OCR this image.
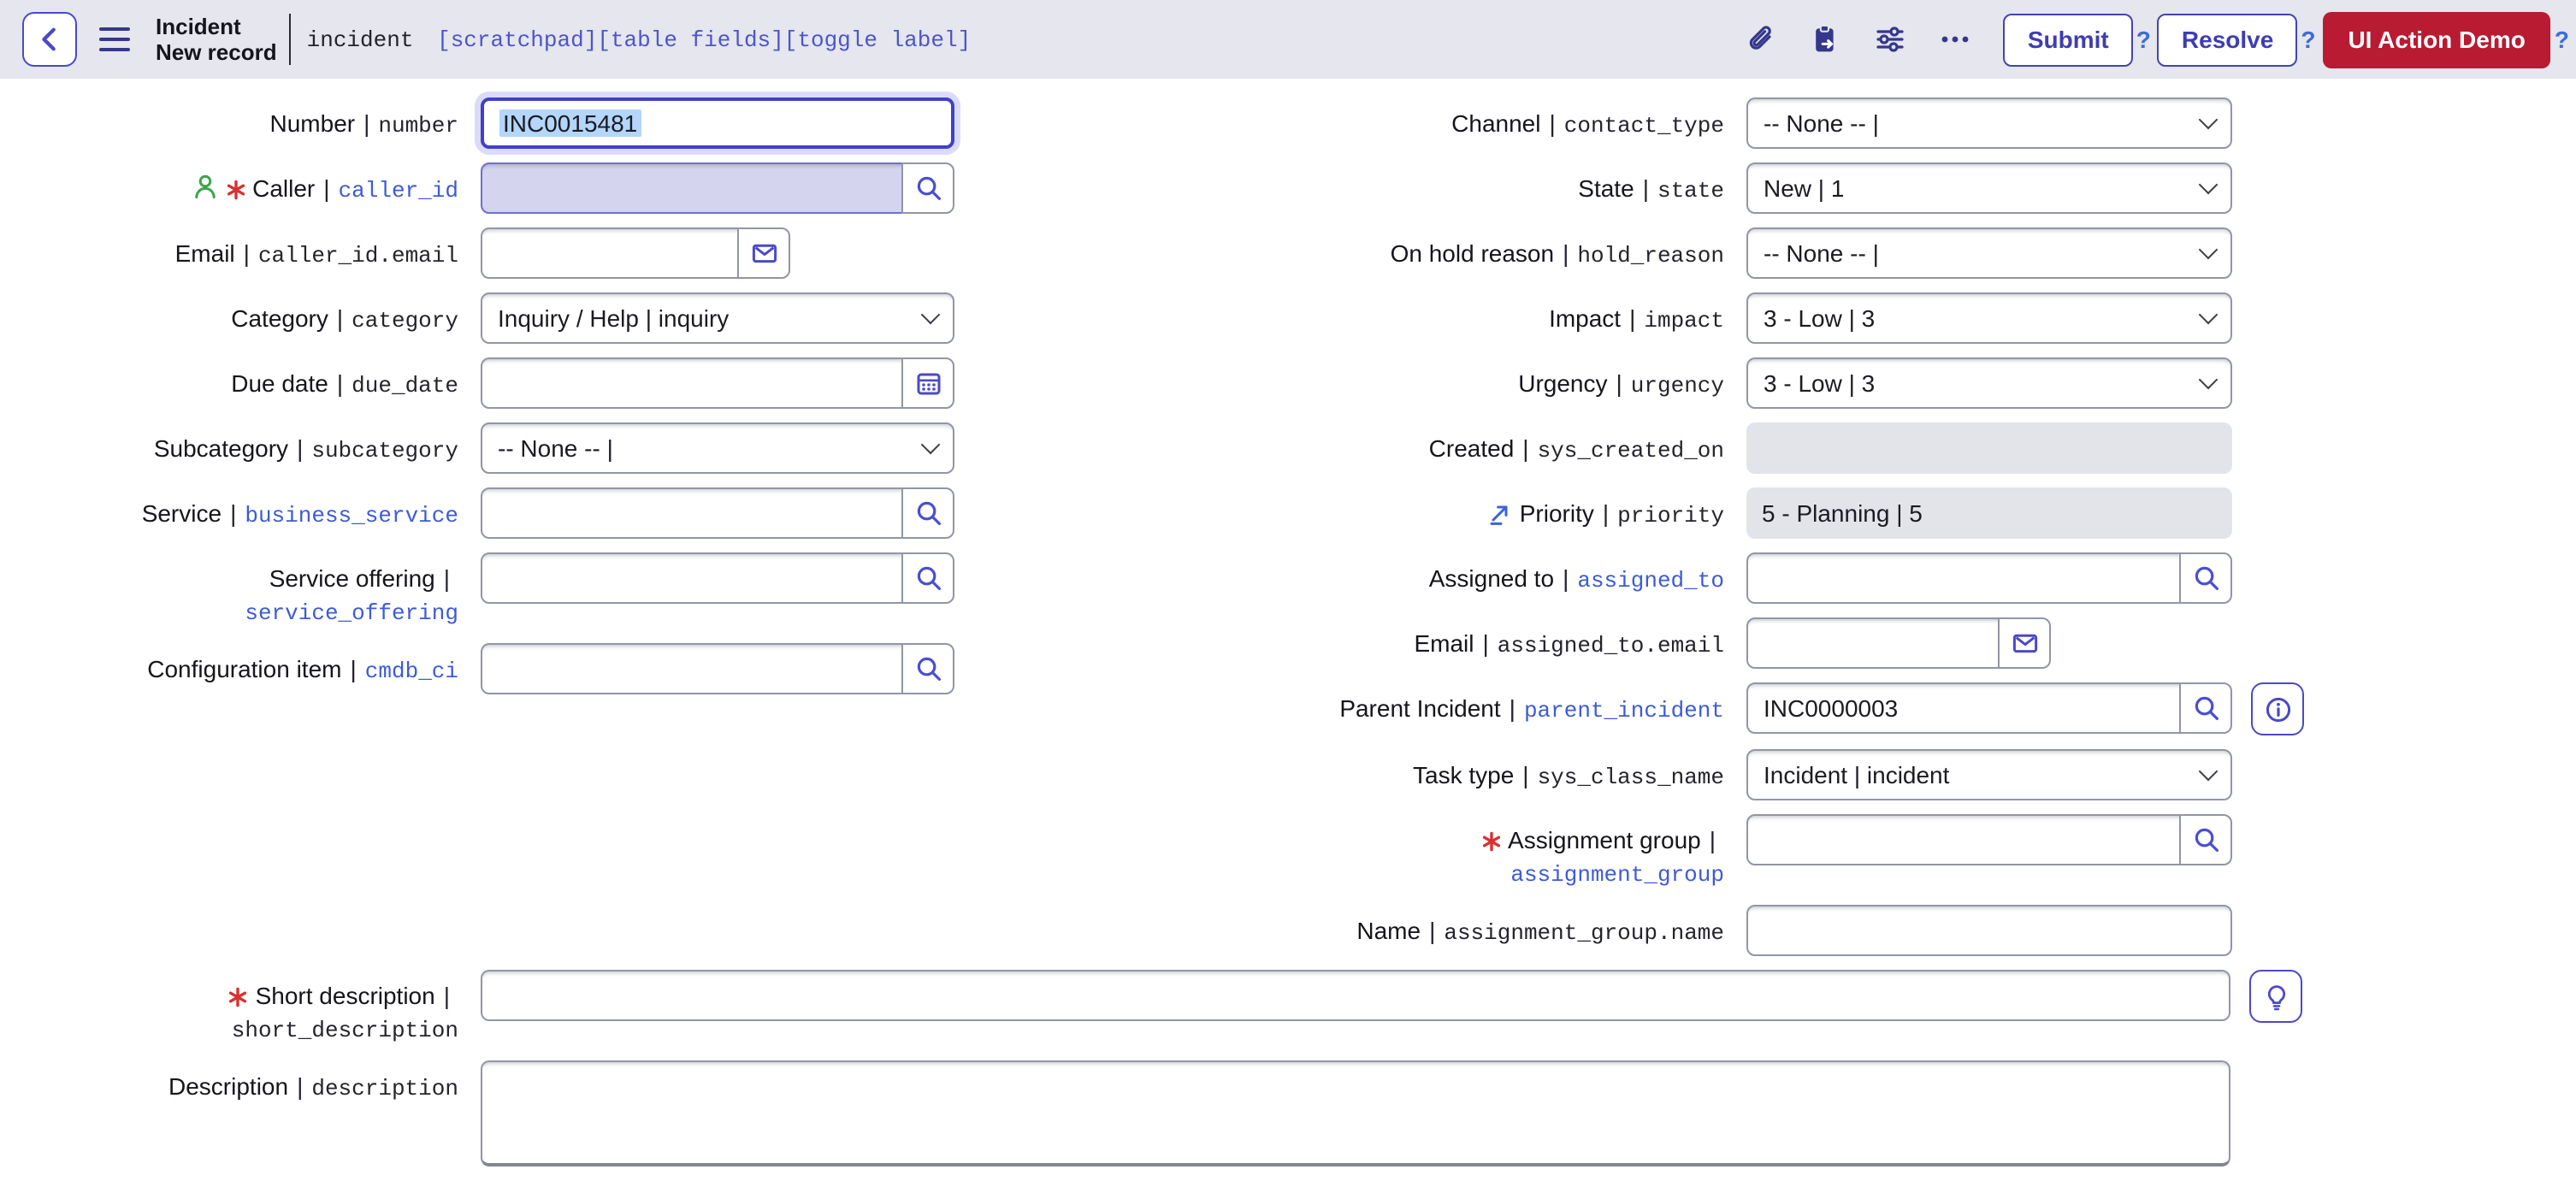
Incident
New record	incident [scratchpad][table fields][toggle label]	Submit	?	Resolve	?	UI Action Demo	?
Number | number	INC0015481
Caller | caller_id
Email | caller_id.email
Category | category	Inquiry / Help | inquiry
Due date | due_date
Subcategory | subcategory	-- None -- |
Service | business_service
Service offering |
service_offering
Configuration item | cmdb_ci
Channel | contact_type	-- None -- |
State | state	New | 1
On hold reason | hold_reason	-- None -- |
Impact | impact	3 - Low | 3
Urgency | urgency	3 - Low | 3
Created | sys_created_on
Priority | priority	5 - Planning | 5
Assigned to | assigned_to
Email | assigned_to.email
Parent Incident | parent_incident	INC0000003
Task type | sys_class_name	Incident | incident
Assignment group |
assignment_group
Name | assignment_group.name
Short description |
short_description
Description | description
